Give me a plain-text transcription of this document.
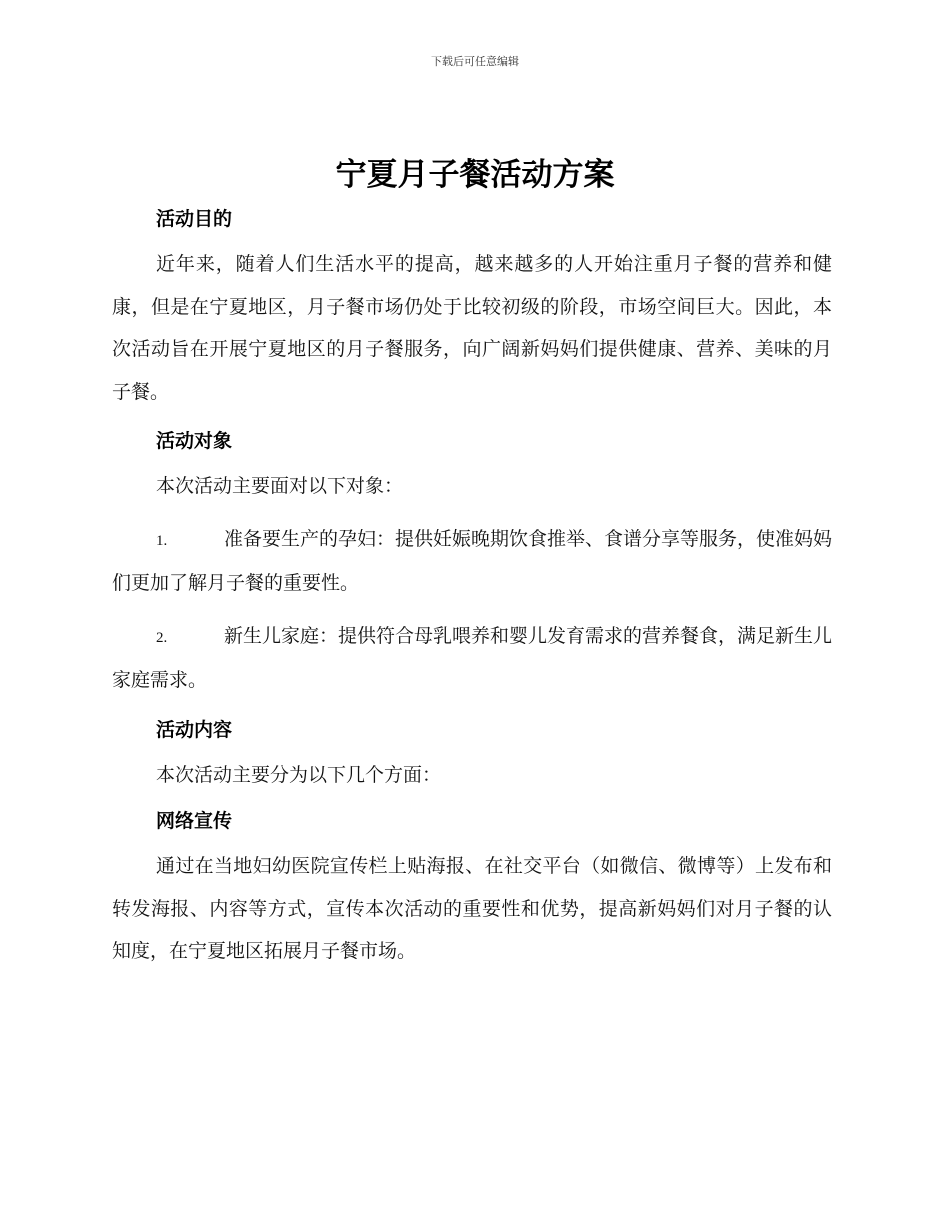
下载后可任意编辑
宁夏月子餐活动方案
活动目的

近年来，随着人们生活水平的提高，越来越多的人开始注重月子餐的营养和健康，但是在宁夏地区，月子餐市场仍处于比较初级的阶段，市场空间巨大。因此，本次活动旨在开展宁夏地区的月子餐服务，向广阔新妈妈们提供健康、营养、美味的月子餐。

活动对象

本次活动主要面对以下对象：

1.	准备要生产的孕妇：提供妊娠晚期饮食推举、食谱分享等服务，使准妈妈们更加了解月子餐的重要性。

2.	新生儿家庭：提供符合母乳喂养和婴儿发育需求的营养餐食，满足新生儿家庭需求。

活动内容

本次活动主要分为以下几个方面：

网络宣传

通过在当地妇幼医院宣传栏上贴海报、在社交平台（如微信、微博等）上发布和转发海报、内容等方式，宣传本次活动的重要性和优势，提高新妈妈们对月子餐的认知度，在宁夏地区拓展月子餐市场。
